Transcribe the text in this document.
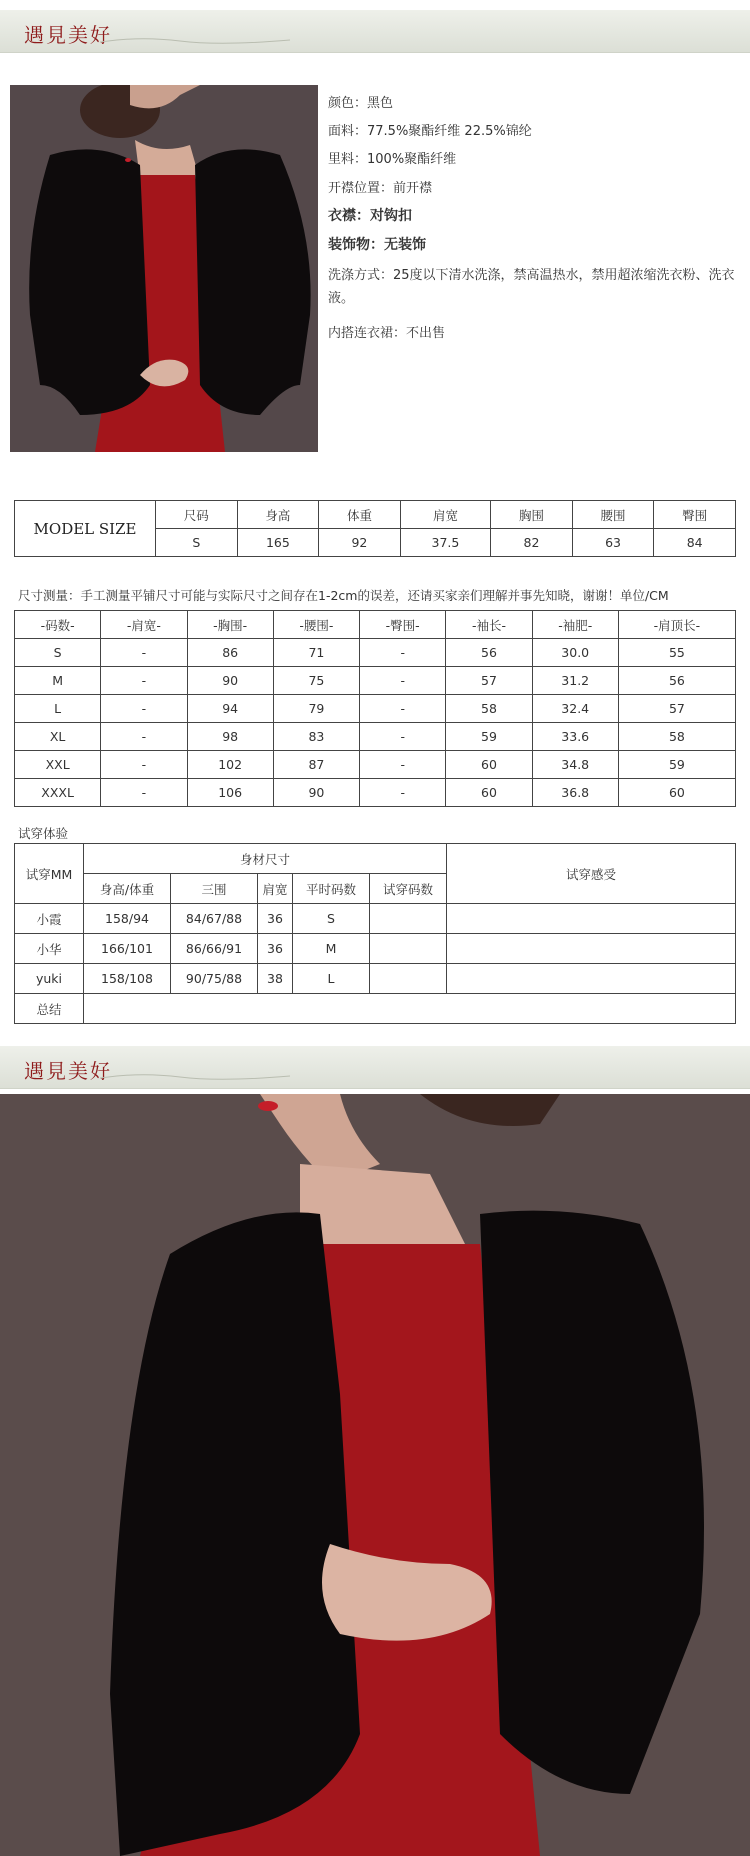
遇見美好
颜色：黑色
面料：77.5%聚酯纤维 22.5%锦纶
里料：100%聚酯纤维
开襟位置：前开襟
衣襟：对钩扣
装饰物：无装饰
洗涤方式：25度以下清水洗涤，禁高温热水，禁用超浓缩洗衣粉、洗衣液。
内搭连衣裙：不出售
MODEL SIZE	尺码	身高	体重	肩宽	胸围	腰围	臀围
	S	165	92	37.5	82	63	84
尺寸测量：手工测量平铺尺寸可能与实际尺寸之间存在1-2cm的误差，还请买家亲们理解并事先知晓，谢谢！单位/CM
-码数-	-肩宽-	-胸围-	-腰围-	-臀围-	-袖长-	-袖肥-	-肩顶长-
S	-	86	71	-	56	30.0	55
M	-	90	75	-	57	31.2	56
L	-	94	79	-	58	32.4	57
XL	-	98	83	-	59	33.6	58
XXL	-	102	87	-	60	34.8	59
XXXL	-	106	90	-	60	36.8	60
试穿体验
试穿MM	身材尺寸					试穿感受
	身高/体重	三围	肩宽	平时码数	试穿码数	
小霞	158/94	84/67/88	36	S		
小华	166/101	86/66/91	36	M		
yuki	158/108	90/75/88	38	L		
总结						
遇見美好
